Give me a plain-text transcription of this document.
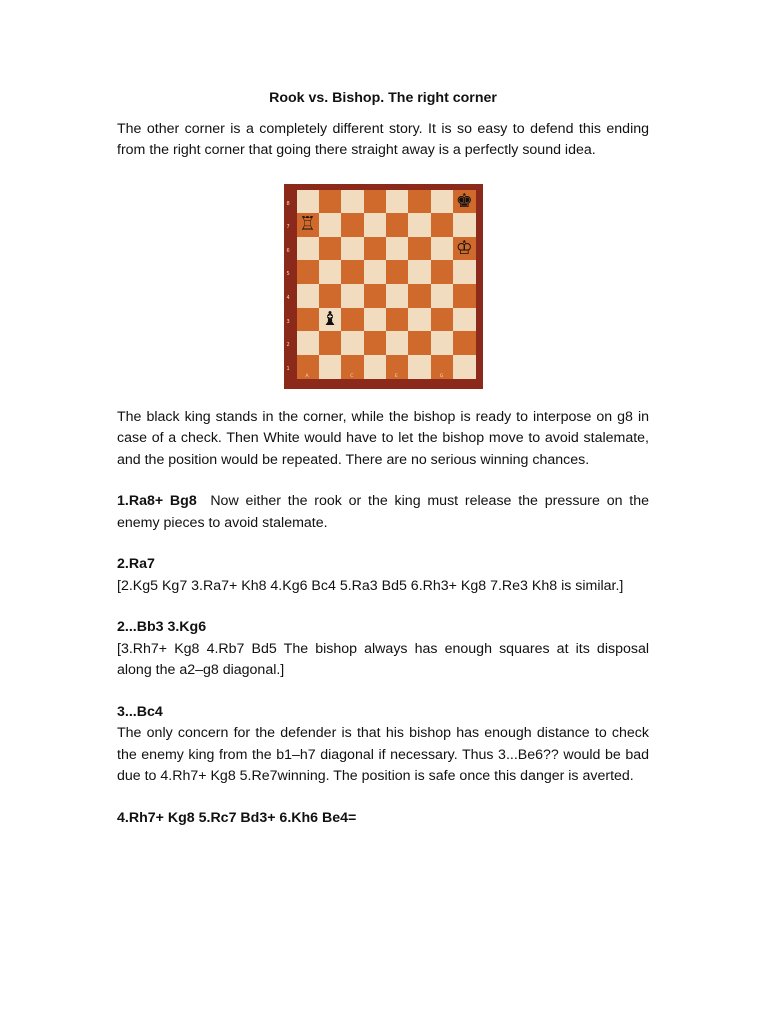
Rook vs. Bishop. The right corner

The other corner is a completely different story. It is so easy to defend this ending from the right corner that going there straight away is a perfectly sound idea.

♚
♖
♔
♝
8
7
6
5
4
3
2
1
A	B	C	D	E	F	G	H

The black king stands in the corner, while the bishop is ready to interpose on g8 in case of a check. Then White would have to let the bishop move to avoid stalemate, and the position would be repeated. There are no serious winning chances.

1.Ra8+ Bg8 Now either the rook or the king must release the pressure on the enemy pieces to avoid stalemate.

2.Ra7

[2.Kg5 Kg7 3.Ra7+ Kh8 4.Kg6 Bc4 5.Ra3 Bd5 6.Rh3+ Kg8 7.Re3 Kh8 is similar.]

2...Bb3 3.Kg6

[3.Rh7+ Kg8 4.Rb7 Bd5 The bishop always has enough squares at its disposal along the a2–g8 diagonal.]

3...Bc4

The only concern for the defender is that his bishop has enough distance to check the enemy king from the b1–h7 diagonal if necessary. Thus 3...Be6?? would be bad due to 4.Rh7+ Kg8 5.Re7winning. The position is safe once this danger is averted.

4.Rh7+ Kg8 5.Rc7 Bd3+ 6.Kh6 Be4=
